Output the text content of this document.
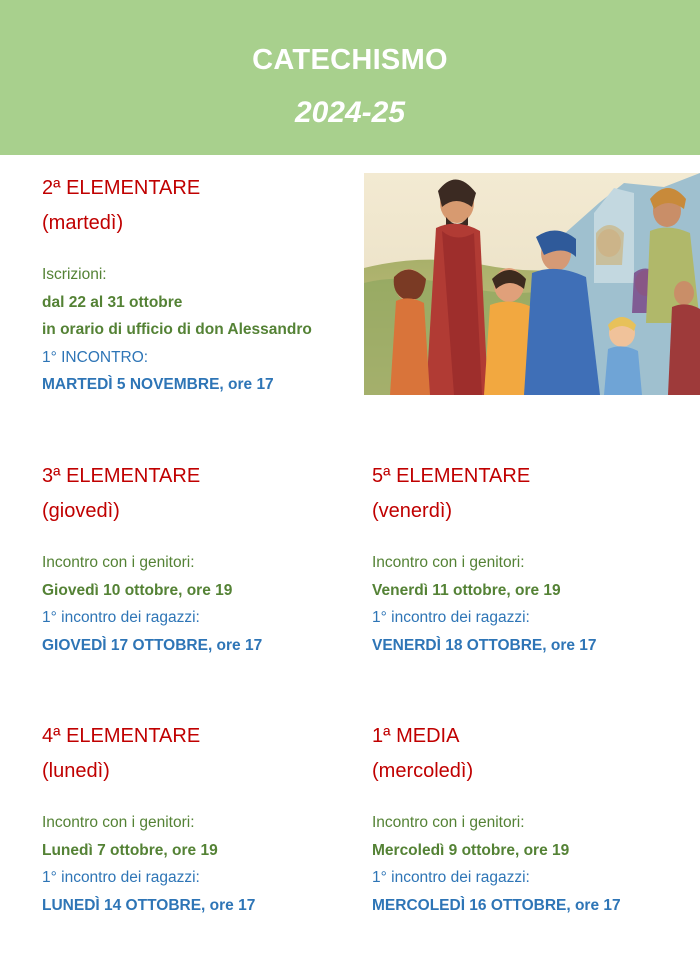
CATECHISMO
2024-25
2ª ELEMENTARE
(martedì)
Iscrizioni:
dal 22 al 31 ottobre
in orario di ufficio di don Alessandro
1° INCONTRO:
MARTEDÌ 5 NOVEMBRE, ore 17
3ª ELEMENTARE
(giovedì)
Incontro con i genitori:
Giovedì 10 ottobre, ore 19
1° incontro dei ragazzi:
GIOVEDÌ 17 OTTOBRE, ore 17
5ª ELEMENTARE
(venerdì)
Incontro con i genitori:
Venerdì 11 ottobre, ore 19
1° incontro dei ragazzi:
VENERDÌ 18 OTTOBRE, ore 17
4ª ELEMENTARE
(lunedì)
Incontro con i genitori:
Lunedì 7 ottobre, ore 19
1° incontro dei ragazzi:
LUNEDÌ 14 OTTOBRE, ore 17
1ª MEDIA
(mercoledì)
Incontro con i genitori:
Mercoledì 9 ottobre, ore 19
1° incontro dei ragazzi:
MERCOLEDÌ 16 OTTOBRE, ore 17
